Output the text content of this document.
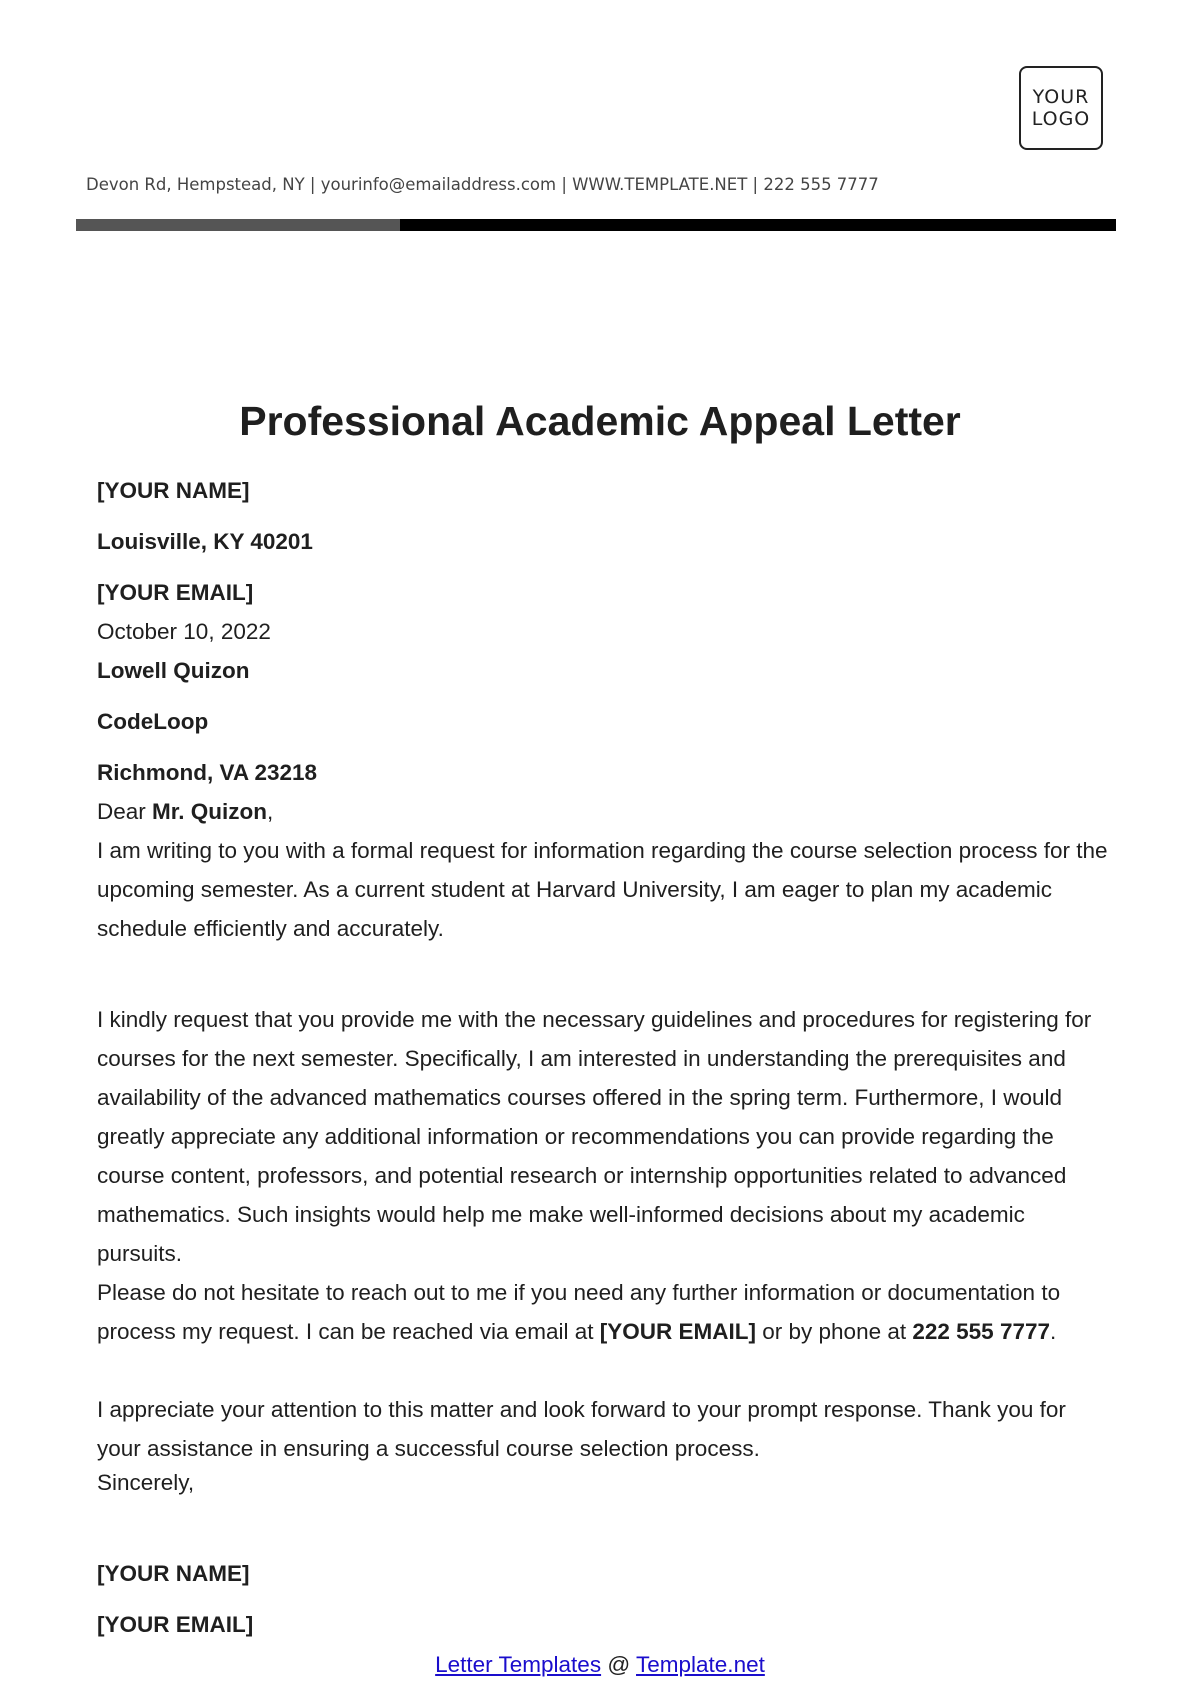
YOUR
LOGO
Devon Rd, Hempstead, NY | yourinfo@emailaddress.com | WWW.TEMPLATE.NET | 222 555 7777
Professional Academic Appeal Letter
[YOUR NAME]
Louisville, KY 40201
[YOUR EMAIL]
October 10, 2022
Lowell Quizon
CodeLoop
Richmond, VA 23218
Dear Mr. Quizon,
I am writing to you with a formal request for information regarding the course selection process for the upcoming semester. As a current student at Harvard University, I am eager to plan my academic schedule efficiently and accurately.
I kindly request that you provide me with the necessary guidelines and procedures for registering for courses for the next semester. Specifically, I am interested in understanding the prerequisites and availability of the advanced mathematics courses offered in the spring term. Furthermore, I would greatly appreciate any additional information or recommendations you can provide regarding the course content, professors, and potential research or internship opportunities related to advanced mathematics. Such insights would help me make well-informed decisions about my academic pursuits.
Please do not hesitate to reach out to me if you need any further information or documentation to process my request. I can be reached via email at [YOUR EMAIL] or by phone at 222 555 7777.
I appreciate your attention to this matter and look forward to your prompt response. Thank you for your assistance in ensuring a successful course selection process.
Sincerely,
[YOUR NAME]
[YOUR EMAIL]
Letter Templates @ Template.net
